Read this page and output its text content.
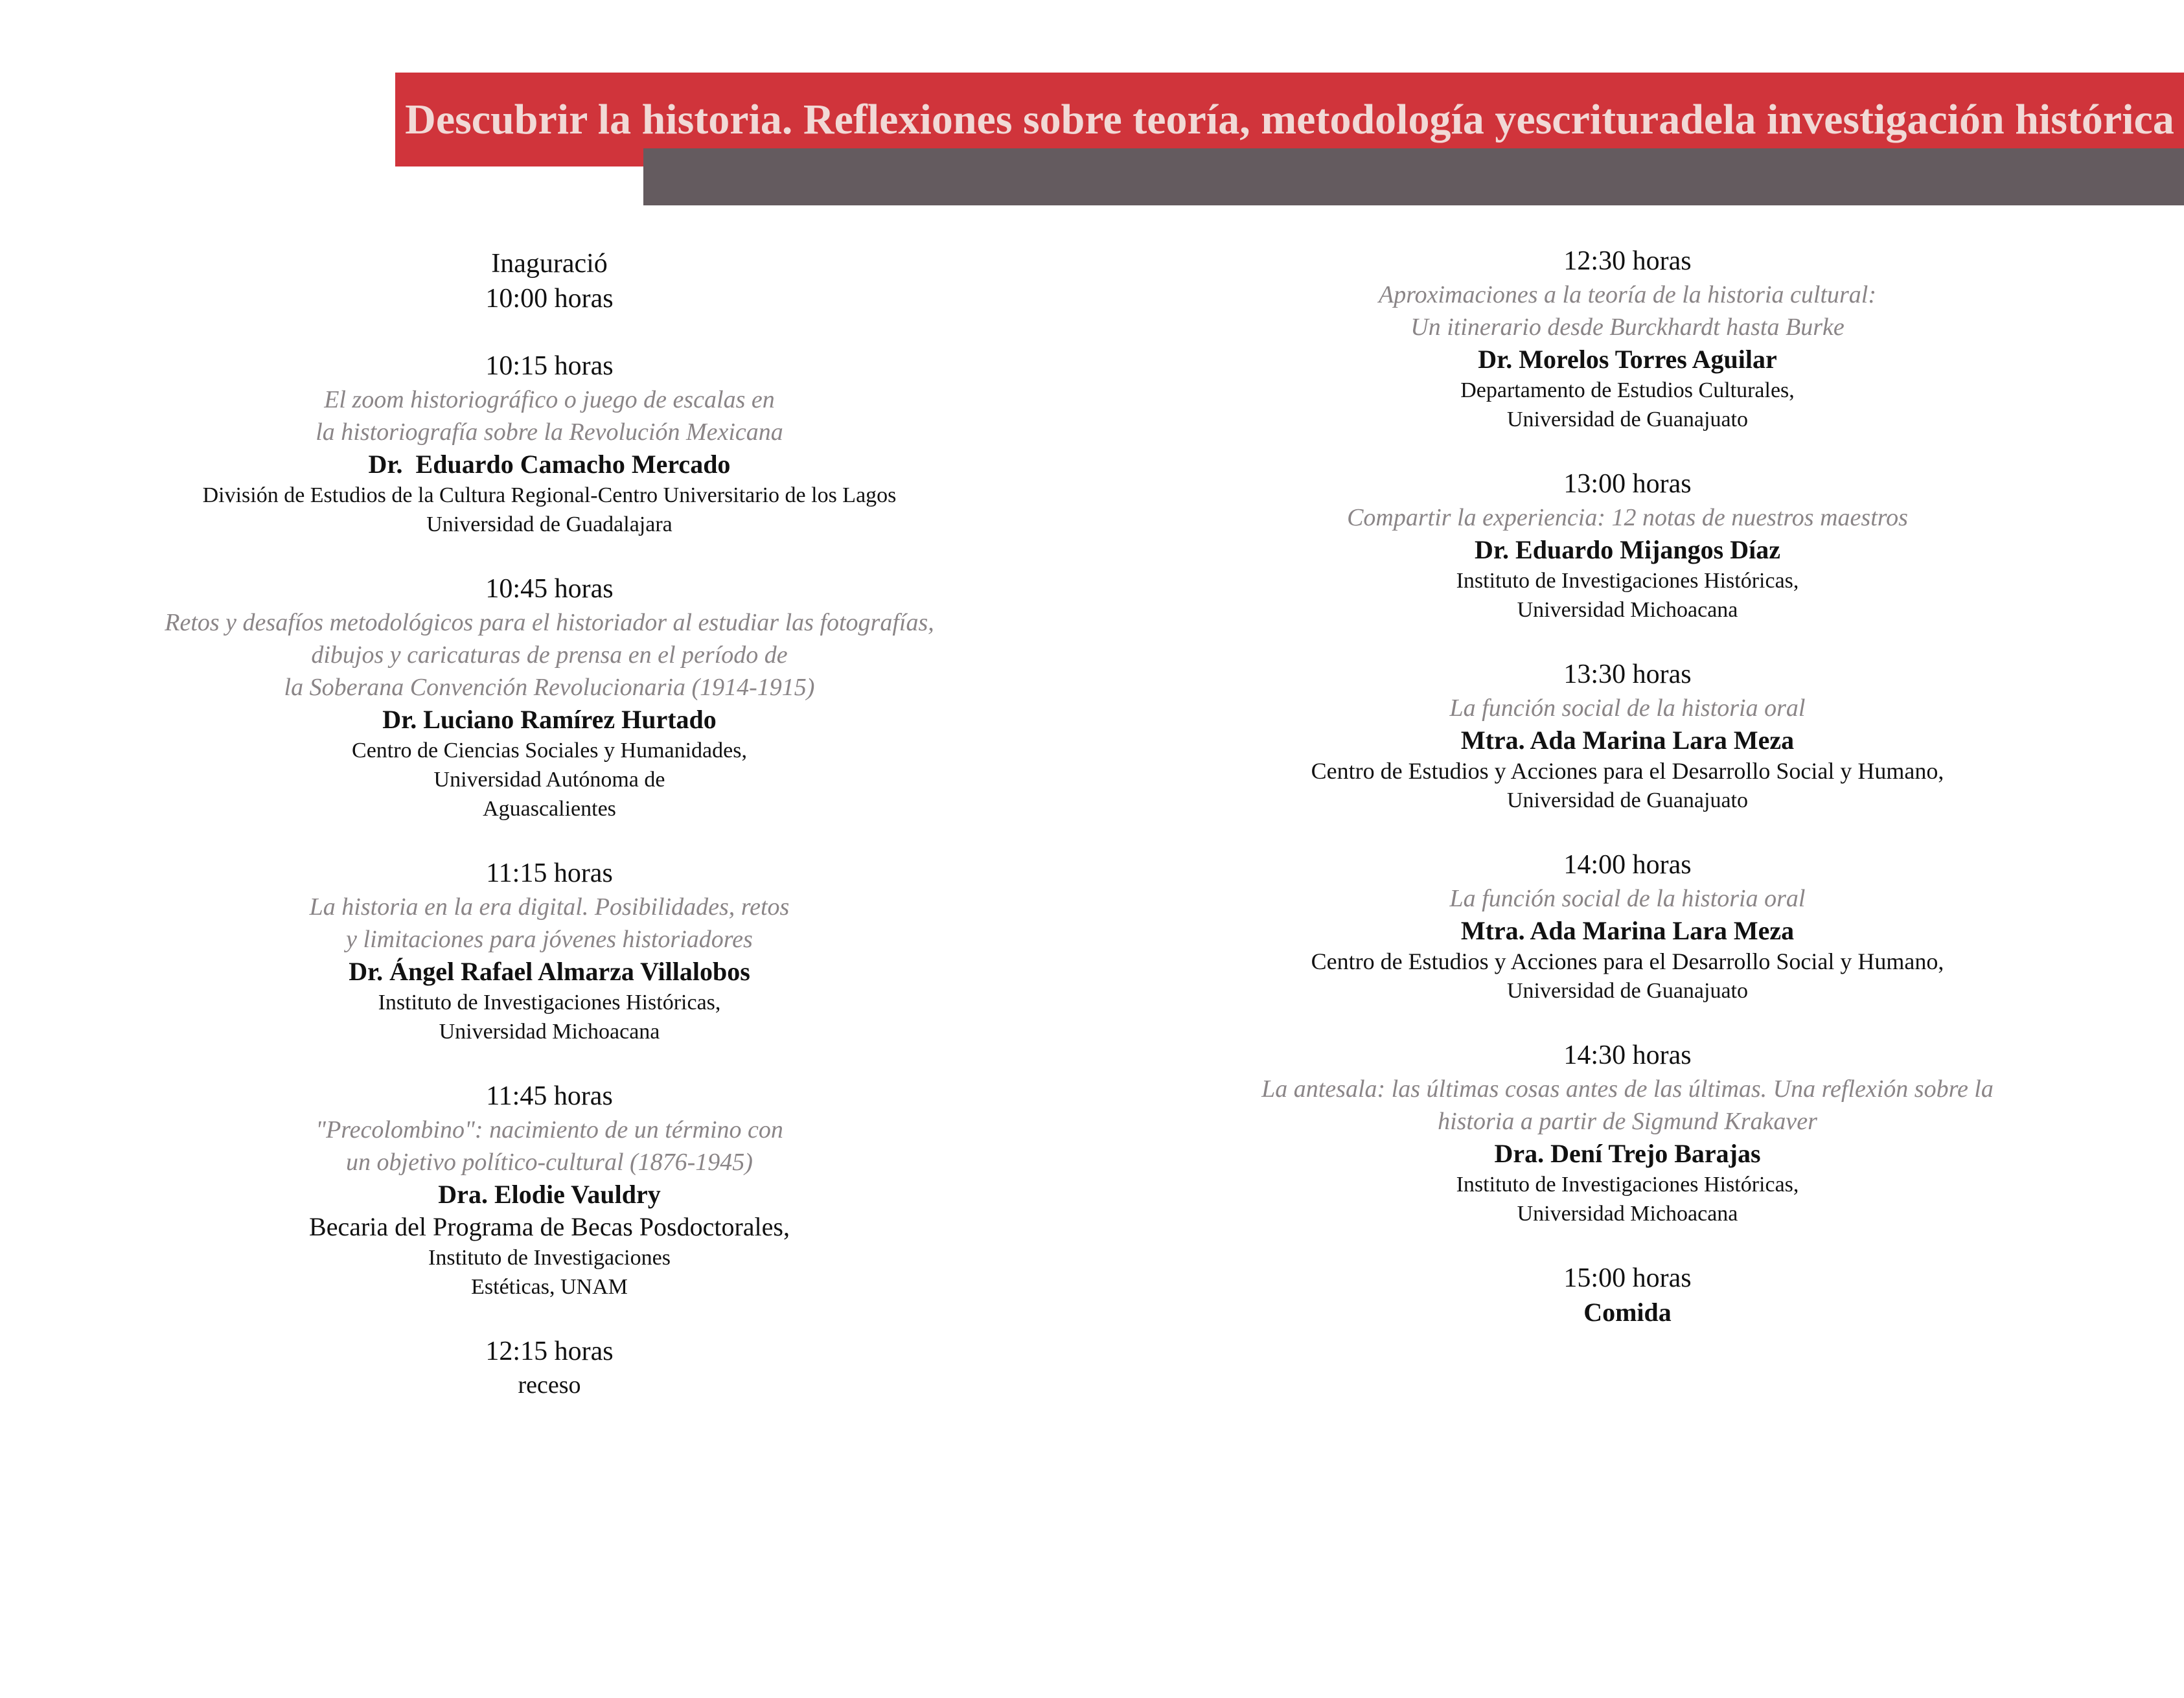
Descubrir la historia. Reflexiones sobre teoría, metodología yescrituradela investigación histórica
Inaguració
10:00 horas
10:15 horas
El zoom historiográfico o juego de escalas en
la historiografía sobre la Revolución Mexicana
Dr.  Eduardo Camacho Mercado
División de Estudios de la Cultura Regional-Centro Universitario de los Lagos
Universidad de Guadalajara
10:45 horas
Retos y desafíos metodológicos para el historiador al estudiar las fotografías,
dibujos y caricaturas de prensa en el período de
la Soberana Convención Revolucionaria (1914-1915)
Dr. Luciano Ramírez Hurtado
Centro de Ciencias Sociales y Humanidades,
Universidad Autónoma de
Aguascalientes
11:15 horas
La historia en la era digital. Posibilidades, retos
y limitaciones para jóvenes historiadores
Dr. Ángel Rafael Almarza Villalobos
Instituto de Investigaciones Históricas,
Universidad Michoacana
11:45 horas
"Precolombino": nacimiento de un término con
un objetivo político-cultural (1876-1945)
Dra. Elodie Vauldry
Becaria del Programa de Becas Posdoctorales,
Instituto de Investigaciones
Estéticas, UNAM
12:15 horas
receso
12:30 horas
Aproximaciones a la teoría de la historia cultural:
Un itinerario desde Burckhardt hasta Burke
Dr. Morelos Torres Aguilar
Departamento de Estudios Culturales,
Universidad de Guanajuato
13:00 horas
Compartir la experiencia: 12 notas de nuestros maestros
Dr. Eduardo Mijangos Díaz
Instituto de Investigaciones Históricas,
Universidad Michoacana
13:30 horas
La función social de la historia oral
Mtra. Ada Marina Lara Meza
Centro de Estudios y Acciones para el Desarrollo Social y Humano,
Universidad de Guanajuato
14:00 horas
La función social de la historia oral
Mtra. Ada Marina Lara Meza
Centro de Estudios y Acciones para el Desarrollo Social y Humano,
Universidad de Guanajuato
14:30 horas
La antesala: las últimas cosas antes de las últimas. Una reflexión sobre la
historia a partir de Sigmund Krakaver
Dra. Dení Trejo Barajas
Instituto de Investigaciones Históricas,
Universidad Michoacana
15:00 horas
Comida
